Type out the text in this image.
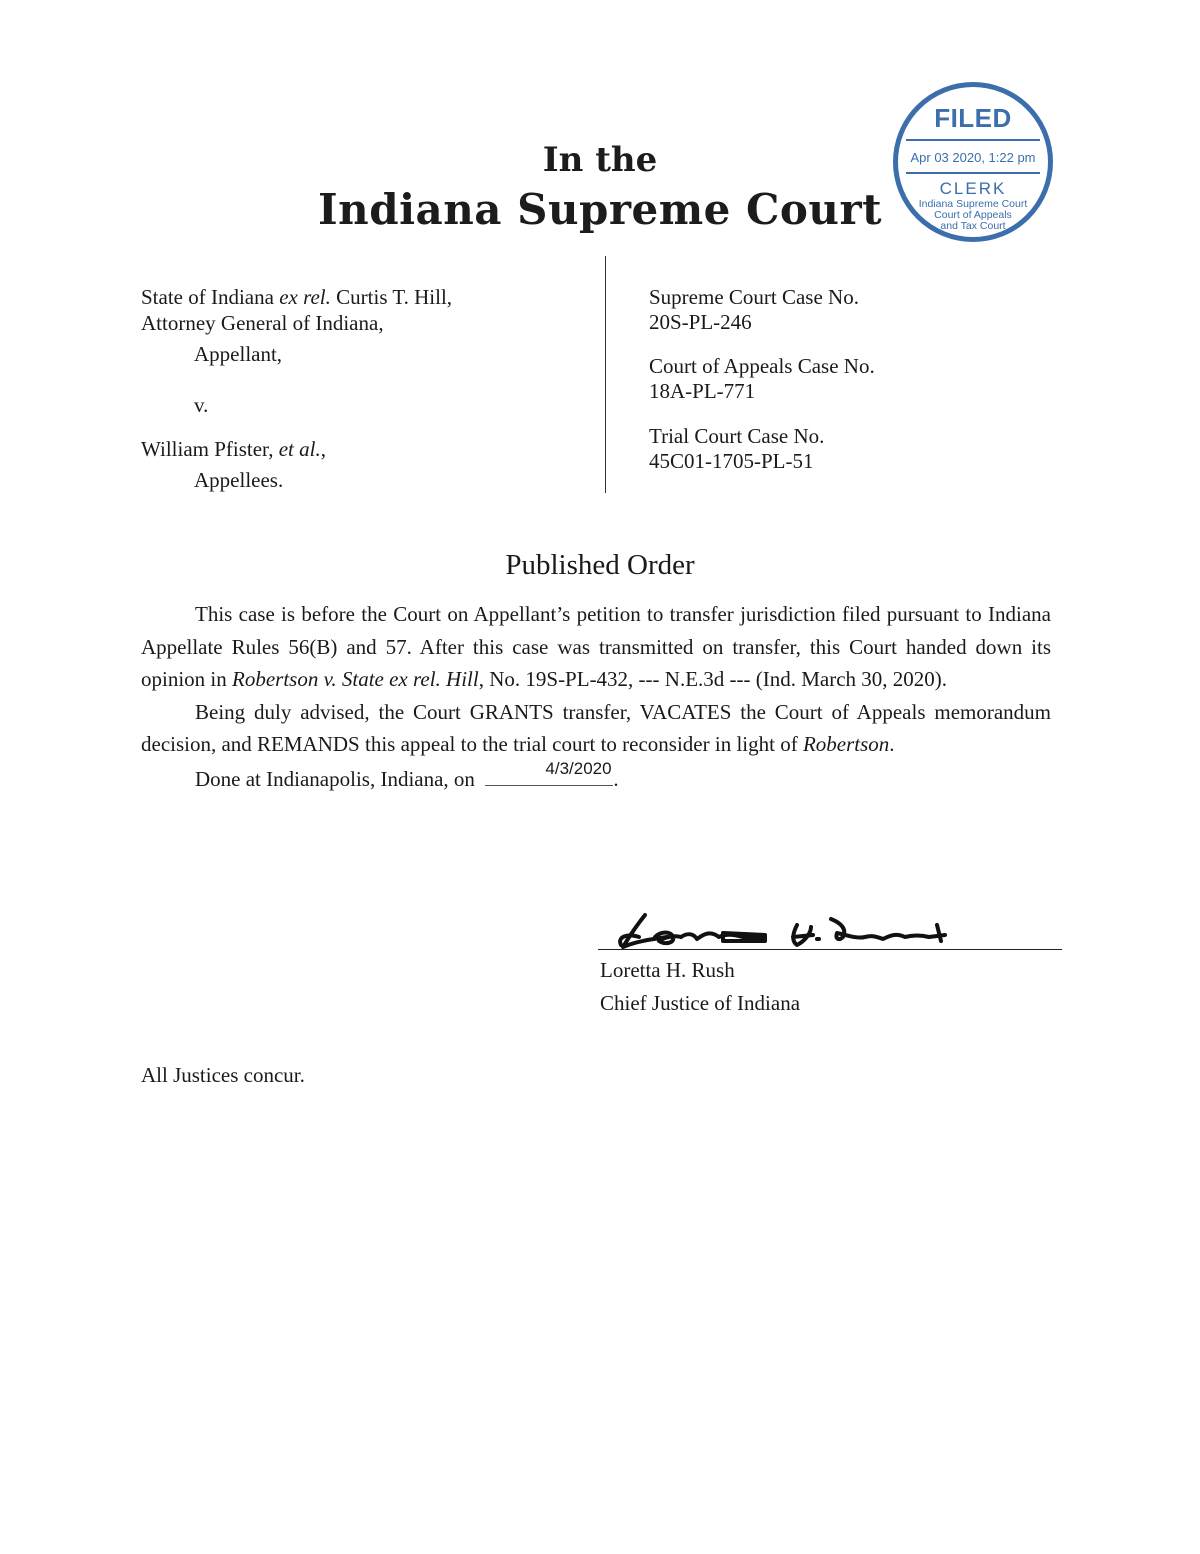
In the
Indiana Supreme Court
FILED
Apr 03 2020, 1:22 pm
CLERK
Indiana Supreme Court
Court of Appeals
and Tax Court
State of Indiana ex rel. Curtis T. Hill,
Attorney General of Indiana,
Appellant,
v.
William Pfister, et al.,
Appellees.
Supreme Court Case No.
20S-PL-246
Court of Appeals Case No.
18A-PL-771
Trial Court Case No.
45C01-1705-PL-51
Published Order

This case is before the Court on Appellant’s petition to transfer jurisdiction filed pursuant to Indiana Appellate Rules 56(B) and 57. After this case was transmitted on transfer, this Court handed down its opinion in Robertson v. State ex rel. Hill, No. 19S-PL-432, --- N.E.3d --- (Ind. March 30, 2020).

Being duly advised, the Court GRANTS transfer, VACATES the Court of Appeals memorandum decision, and REMANDS this appeal to the trial court to reconsider in light of Robertson.

Done at Indianapolis, Indiana, on	4/3/2020 .

Loretta H. Rush
Chief Justice of Indiana
All Justices concur.
